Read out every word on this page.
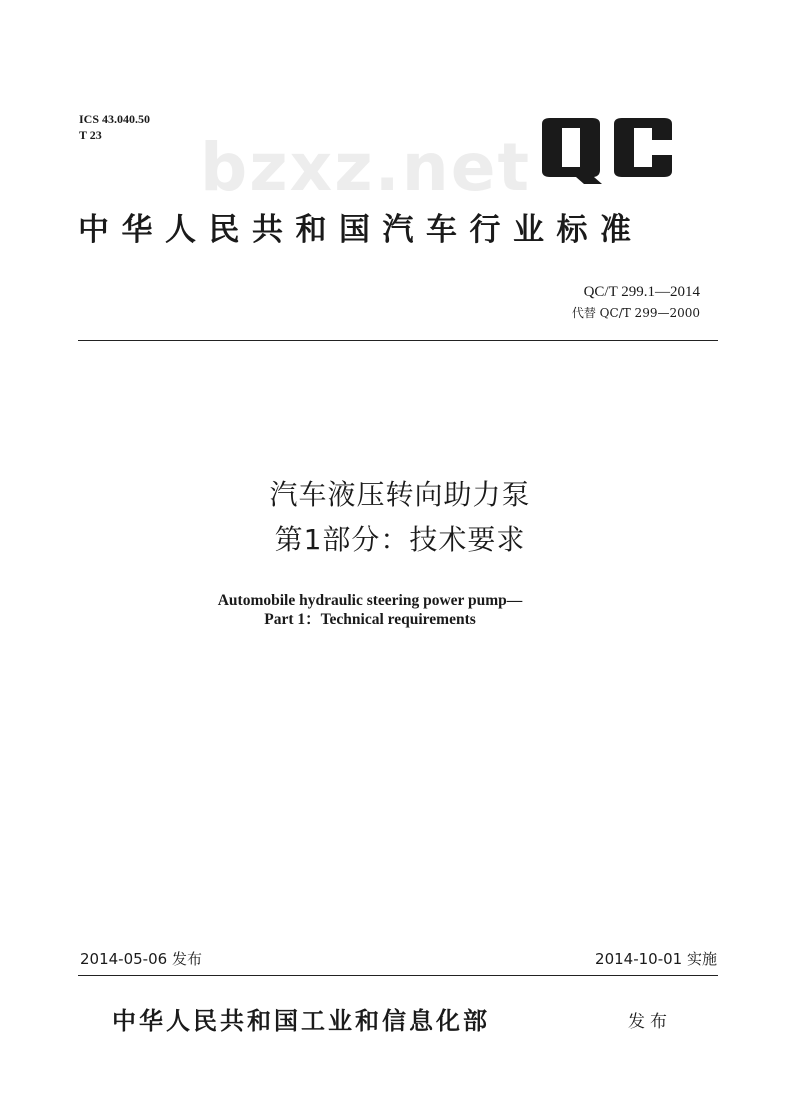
ICS 43.040.50
T 23	bzxz.net
中华人民共和国汽车行业标准
QC/T 299.1—2014
代替 QC/T 299—2000
汽车液压转向助力泵
第1部分：技术要求
Automobile hydraulic steering power pump—
Part 1：Technical requirements
2014-05-06 发布	2014-10-01 实施
中华人民共和国工业和信息化部	发布
